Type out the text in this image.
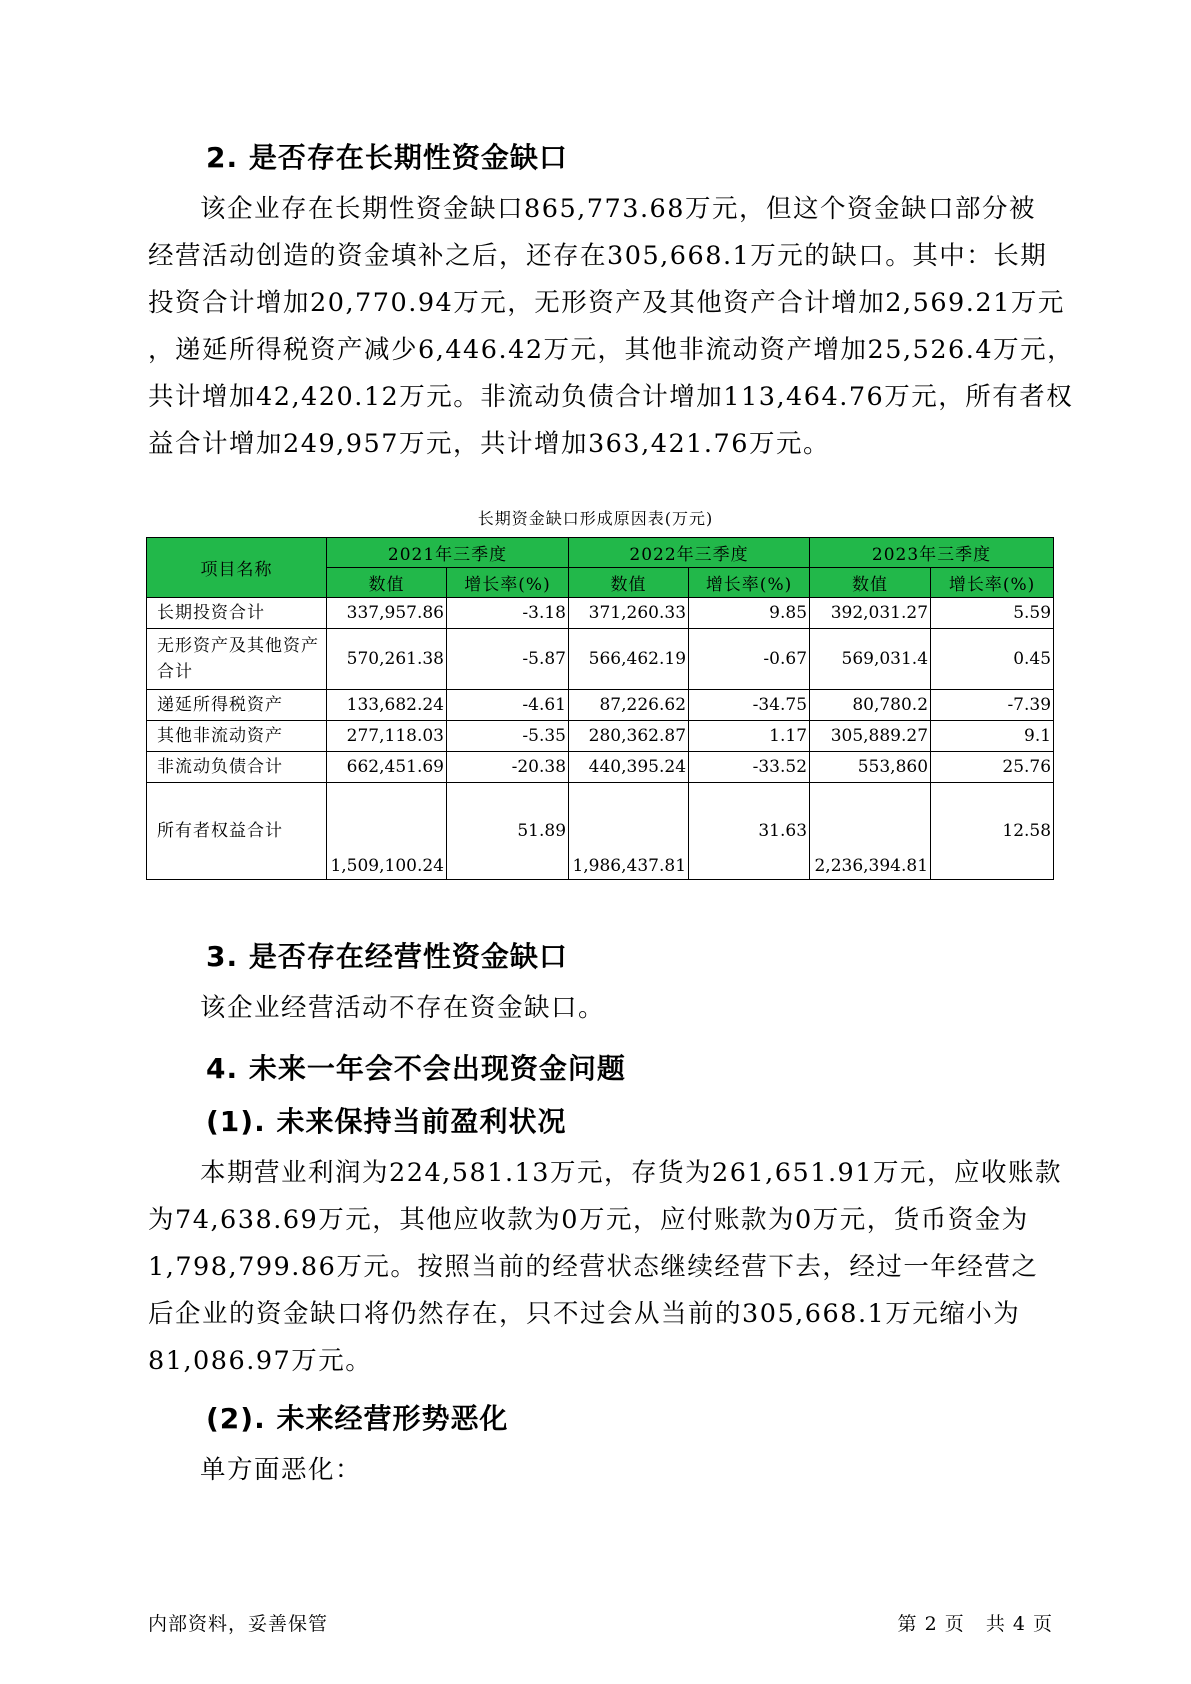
2. 是否存在长期性资金缺口
该企业存在长期性资金缺口865,773.68万元，但这个资金缺口部分被
经营活动创造的资金填补之后，还存在305,668.1万元的缺口。其中：长期
投资合计增加20,770.94万元，无形资产及其他资产合计增加2,569.21万元
，递延所得税资产减少6,446.42万元，其他非流动资产增加25,526.4万元，
共计增加42,420.12万元。非流动负债合计增加113,464.76万元，所有者权
益合计增加249,957万元，共计增加363,421.76万元。
长期资金缺口形成原因表(万元)
项目名称	2021年三季度		2022年三季度		2023年三季度	
	数值	增长率(%)	数值	增长率(%)	数值	增长率(%)
长期投资合计	337,957.86	-3.18	371,260.33	9.85	392,031.27	5.59
无形资产及其他资产合计	570,261.38	-5.87	566,462.19	-0.67	569,031.4	0.45
递延所得税资产	133,682.24	-4.61	87,226.62	-34.75	80,780.2	-7.39
其他非流动资产	277,118.03	-5.35	280,362.87	1.17	305,889.27	9.1
非流动负债合计	662,451.69	-20.38	440,395.24	-33.52	553,860	25.76
所有者权益合计	1,509,100.24	51.89	1,986,437.81	31.63	2,236,394.81	12.58
3. 是否存在经营性资金缺口
该企业经营活动不存在资金缺口。
4. 未来一年会不会出现资金问题
(1). 未来保持当前盈利状况
本期营业利润为224,581.13万元，存货为261,651.91万元，应收账款
为74,638.69万元，其他应收款为0万元，应付账款为0万元，货币资金为
1,798,799.86万元。按照当前的经营状态继续经营下去，经过一年经营之
后企业的资金缺口将仍然存在，只不过会从当前的305,668.1万元缩小为
81,086.97万元。
(2). 未来经营形势恶化
单方面恶化：
内部资料，妥善保管	第 2 页   共 4 页
